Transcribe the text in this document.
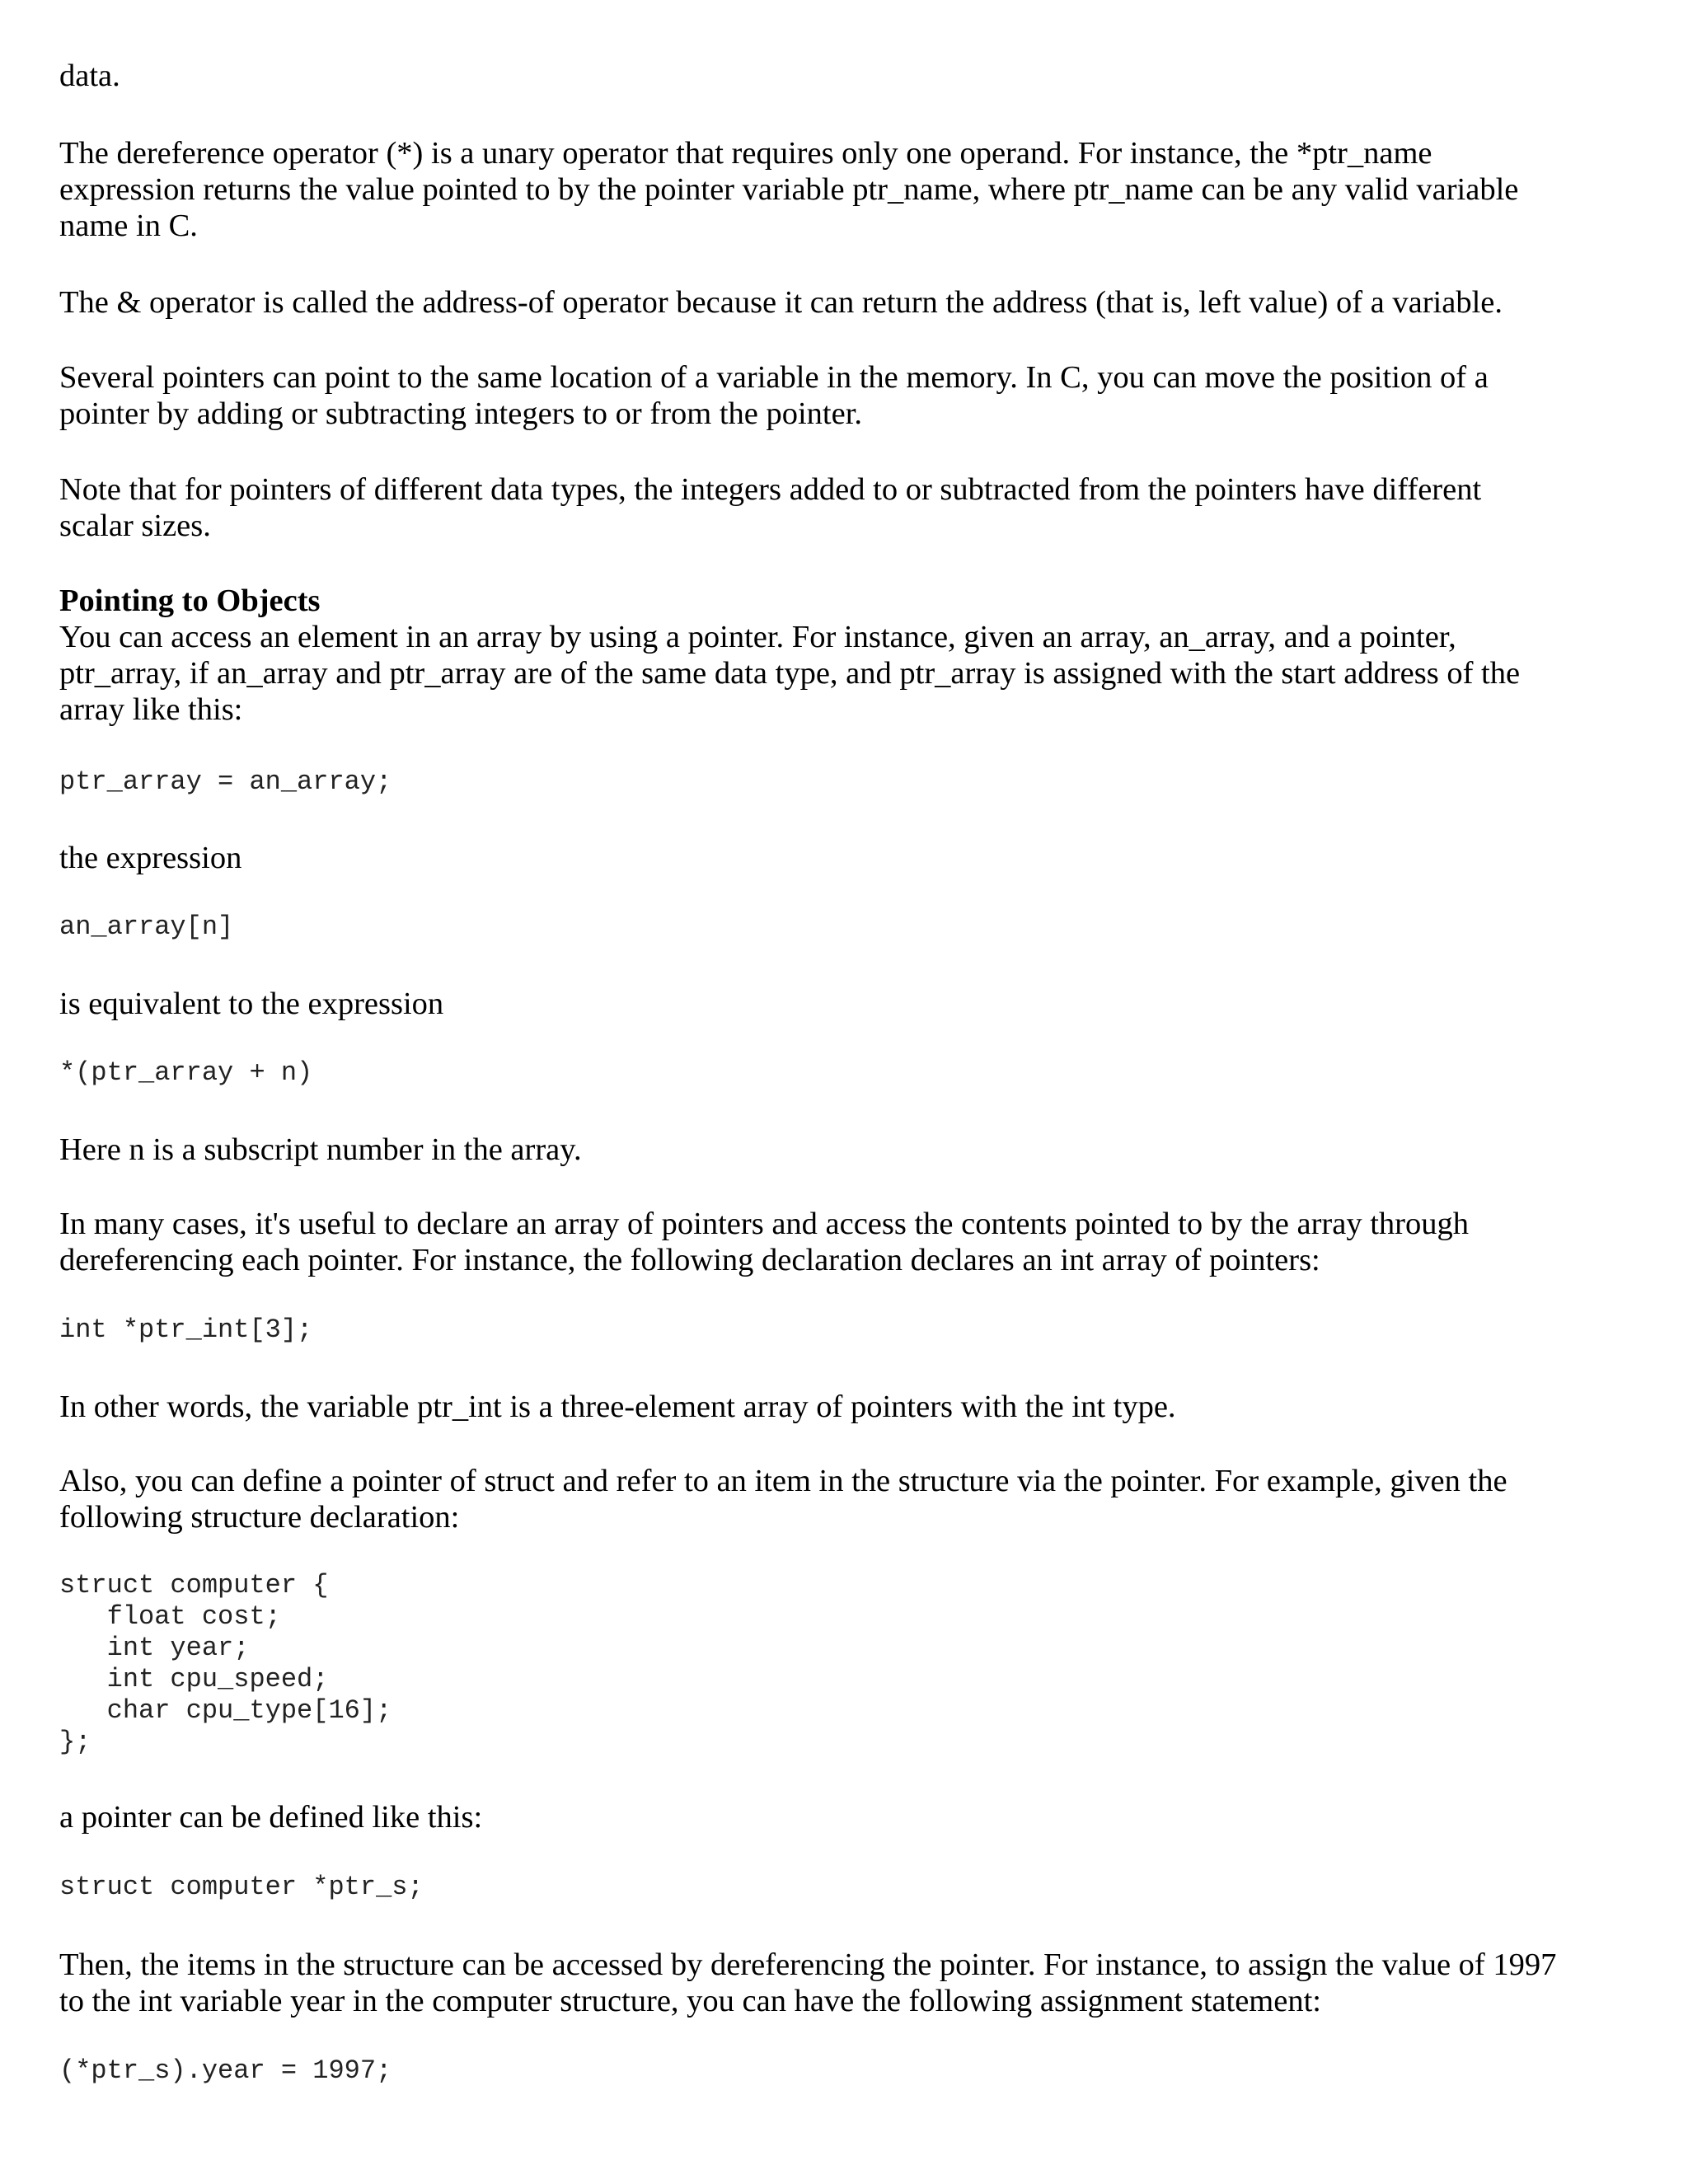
data.

The dereference operator (*) is a unary operator that requires only one operand. For instance, the *ptr_name
expression returns the value pointed to by the pointer variable ptr_name, where ptr_name can be any valid variable
name in C.

The & operator is called the address-of operator because it can return the address (that is, left value) of a variable.

Several pointers can point to the same location of a variable in the memory. In C, you can move the position of a
pointer by adding or subtracting integers to or from the pointer.

Note that for pointers of different data types, the integers added to or subtracted from the pointers have different
scalar sizes.

Pointing to Objects

You can access an element in an array by using a pointer. For instance, given an array, an_array, and a pointer,
ptr_array, if an_array and ptr_array are of the same data type, and ptr_array is assigned with the start address of the
array like this:

ptr_array = an_array;

the expression

an_array[n]

is equivalent to the expression

*(ptr_array + n)

Here n is a subscript number in the array.

In many cases, it's useful to declare an array of pointers and access the contents pointed to by the array through
dereferencing each pointer. For instance, the following declaration declares an int array of pointers:

int *ptr_int[3];

In other words, the variable ptr_int is a three-element array of pointers with the int type.

Also, you can define a pointer of struct and refer to an item in the structure via the pointer. For example, given the
following structure declaration:

struct computer {
float cost;
int year;
int cpu_speed;
char cpu_type[16];
};

a pointer can be defined like this:

struct computer *ptr_s;

Then, the items in the structure can be accessed by dereferencing the pointer. For instance, to assign the value of 1997
to the int variable year in the computer structure, you can have the following assignment statement:

(*ptr_s).year = 1997;
